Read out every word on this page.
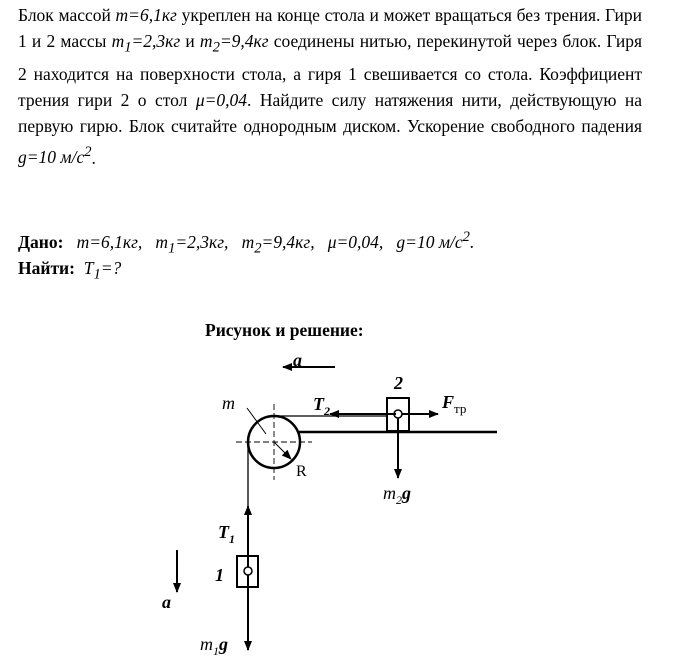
Блок массой m=6,1кг укреплен на конце стола и может вращаться без трения. Гири 1 и 2 массы $m_1=2,3кг$ и $m_2=9,4кг$ соединены нитью, перекинутой через блок. Гиря 2 находится на поверхности стола, а гиря 1 свешивается со стола. Коэффициент трения гири 2 о стол μ=0,04. Найдите силу натяжения нити, действующую на первую гирю. Блок считайте однородным диском. Ускорение свободного падения g=10 $м/с^2$.
Дано: m=6,1кг, $m_1=2,3кг$, $m_2=9,4кг$, μ=0,04, g=10 $м/с^2$.
Найти: $T_1=$?
Рисунок и решение:
a
R
m
2
$T_2$	$F_{тр}$
$m_2g$
1
$T_1$
$m_1g$
a
